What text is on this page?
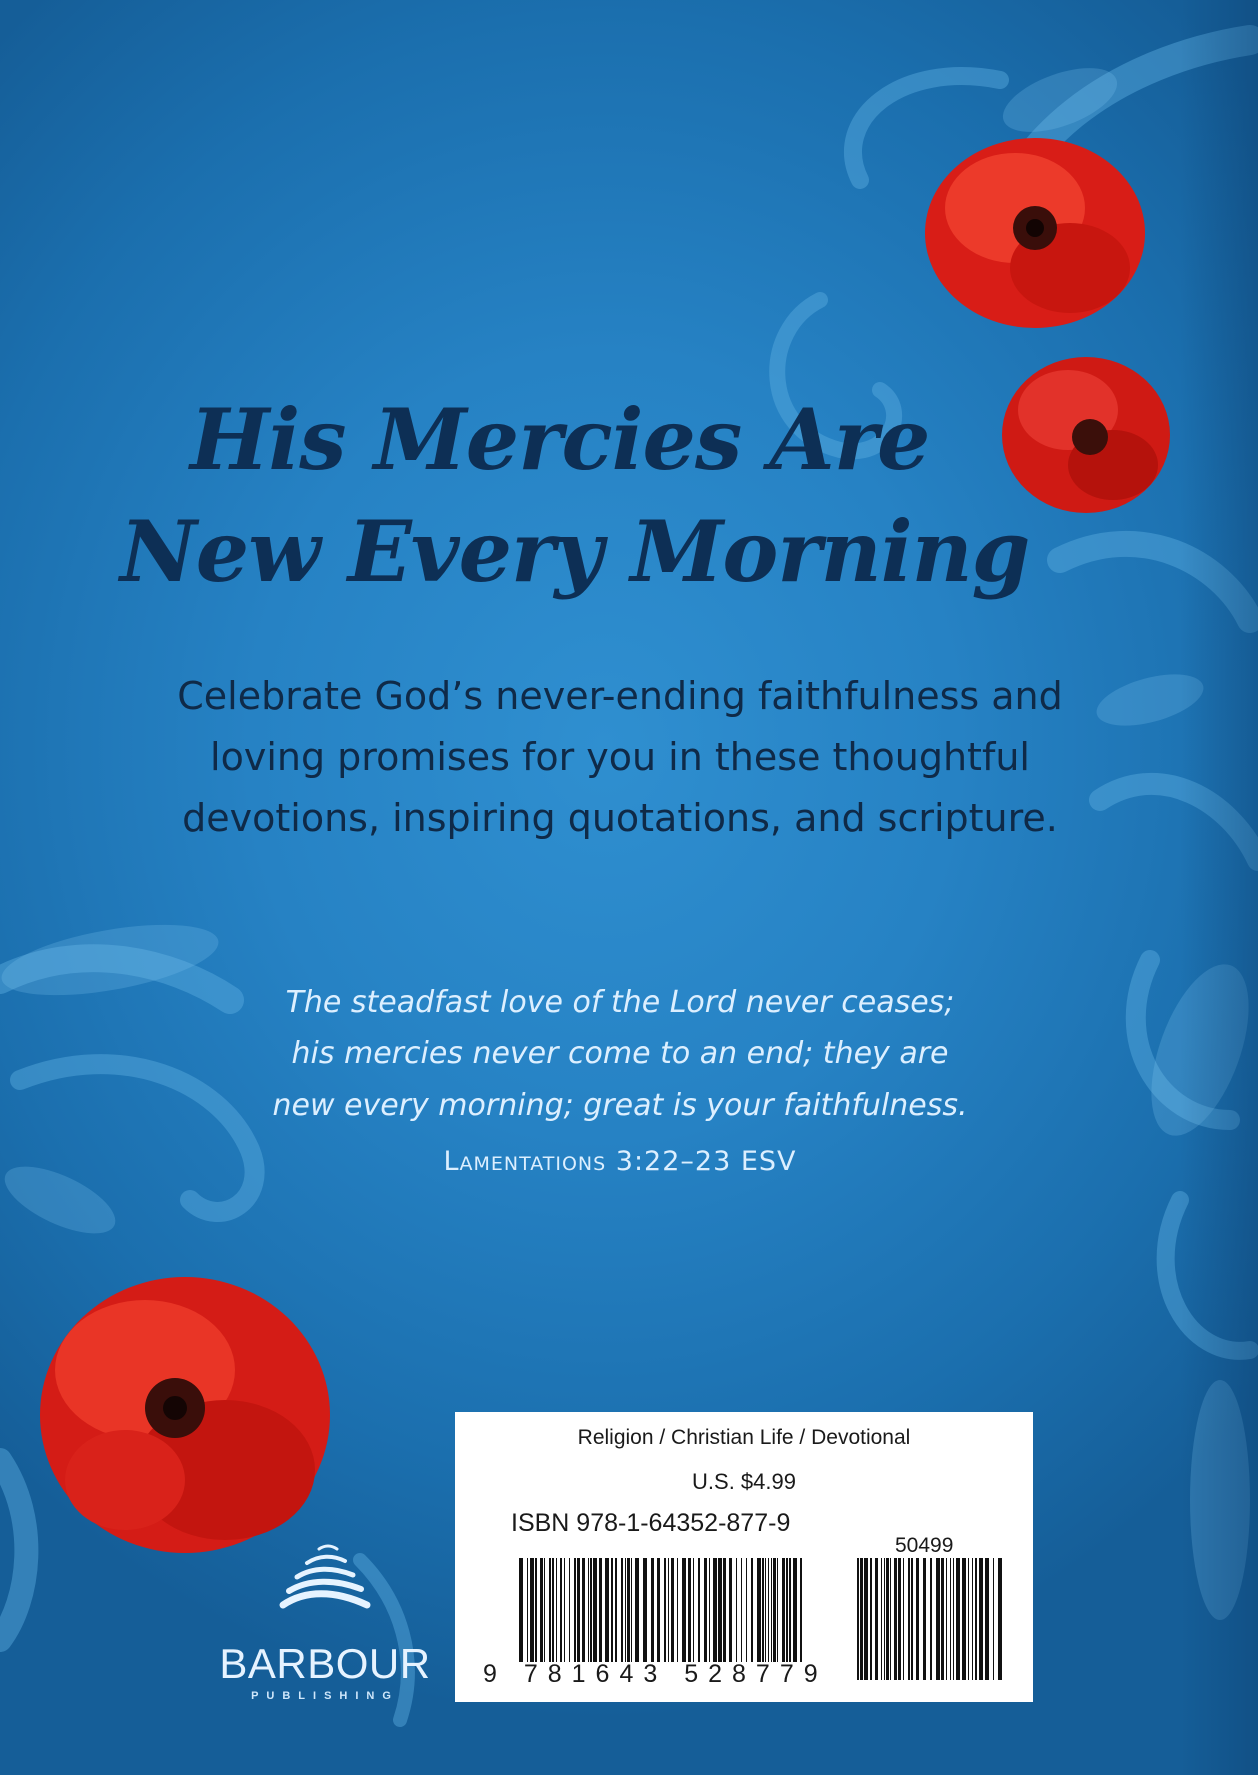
His Mercies Are
New Every Morning

Celebrate God’s never-ending faithfulness and loving promises for you in these thoughtful devotions, inspiring quotations, and scripture.

The steadfast love of the Lord never ceases;

his mercies never come to an end; they are

new every morning; great is your faithfulness.

Lamentations 3:22–23 ESV

BARBOUR

PUBLISHING

Religion / Christian Life / Devotional

U.S. $4.99

ISBN 978-1-64352-877-9

50499

9 781643 528779
